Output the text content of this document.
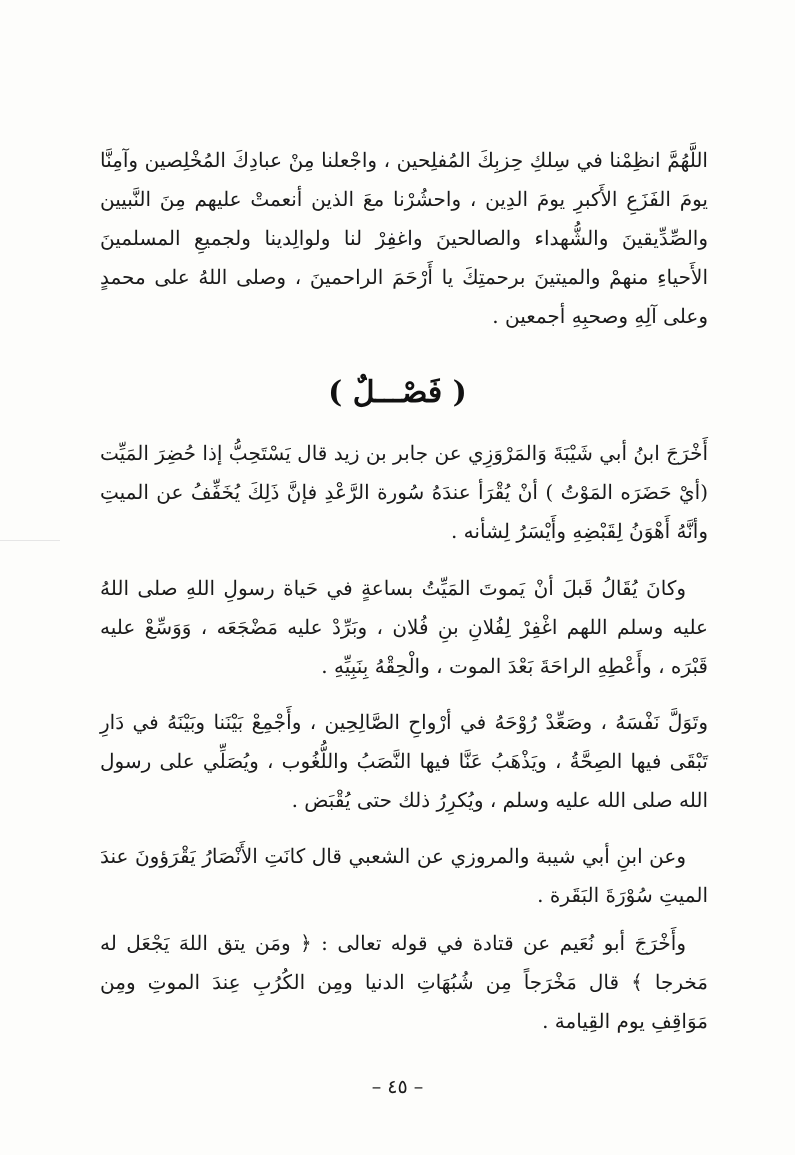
اللَّهُمَّ انظِمْنا في سِلكِ حِزبِكَ المُفلِحين ، واجْعلنا مِنْ عبادِكَ المُخْلِصين وآمِنَّا يومَ الفَزَعِ الأَكبرِ يومَ الدِين ، واحشُرْنا معَ الذين أنعمتْ عليهم مِنَ النَّبيين والصِّدِّيقينَ والشُّهداء والصالحينَ واغفِرْ لنا ولوالِدينا ولجميعِ المسلمينَ الأَحياءِ منهمْ والميتينَ برحمتِكَ يا أَرْحَمَ الراحمينَ ، وصلى اللهُ على محمدٍ وعلى آلِهِ وصحبِهِ أجمعين .

( فَصْـــلٌ )

أَخْرَجَ ابنُ أبي شَيْبَةَ وَالمَرْوَزِي عن جابر بن زيد قال يَسْتَحِبُّ إذا حُضِرَ المَيِّت (أيْ حَضَرَه المَوْتُ ) أنْ يُقْرَأ عندَهُ سُورة الرَّعْدِ فإنَّ ذَلِكَ يُخَفِّفُ عن الميتِ وأنَّهُ أَهْوَنُ لِقَبْضِهِ وأَيْسَرُ لِشأنه .

وكانَ يُقَالُ قَبلَ أنْ يَموتَ المَيِّتُ بساعةٍ في حَياة رسولِ اللهِ صلى اللهُ عليه وسلم اللهم اغْفِرْ لِفُلانِ بنِ فُلان ، وبَرِّدْ عليه مَضْجَعَه ، وَوَسِّعْ عليه قَبْرَه ، وأَعْطِهِ الراحَةَ بَعْدَ الموت ، والْحِقْهُ بِنَبِيِّهِ .

وتَوَلَّ نَفْسَهُ ، وصَعِّدْ رُوْحَهُ في أرْواحِ الصَّالِحِين ، وأَجْمِعْ بَيْنَنا وبَيْنَهُ في دَارِ تَبْقَى فيها الصِحَّةُ ، ويَذْهَبُ عَنَّا فيها النَّصَبُ واللُّغُوب ، ويُصَلِّي على رسول الله صلى الله عليه وسلم ، ويُكرِرُ ذلك حتى يُقْبَض .

وعن ابنِ أبي شيبة والمروزي عن الشعبي قال كانَتِ الأَنْصَارُ يَقْرَؤونَ عندَ الميتِ سُوْرَةَ البَقَرة .

وأَخْرَجَ أبو نُعَيم عن قتادة في قوله تعالى : ﴿ ومَن يتق اللهَ يَجْعَل له مَخرجا ﴾ قال مَخْرَجاً مِن شُبُهَاتِ الدنيا ومِن الكُرُبِ عِندَ الموتِ ومِن مَوَاقِفِ يوم القِيامة .

– ٤٥ –
